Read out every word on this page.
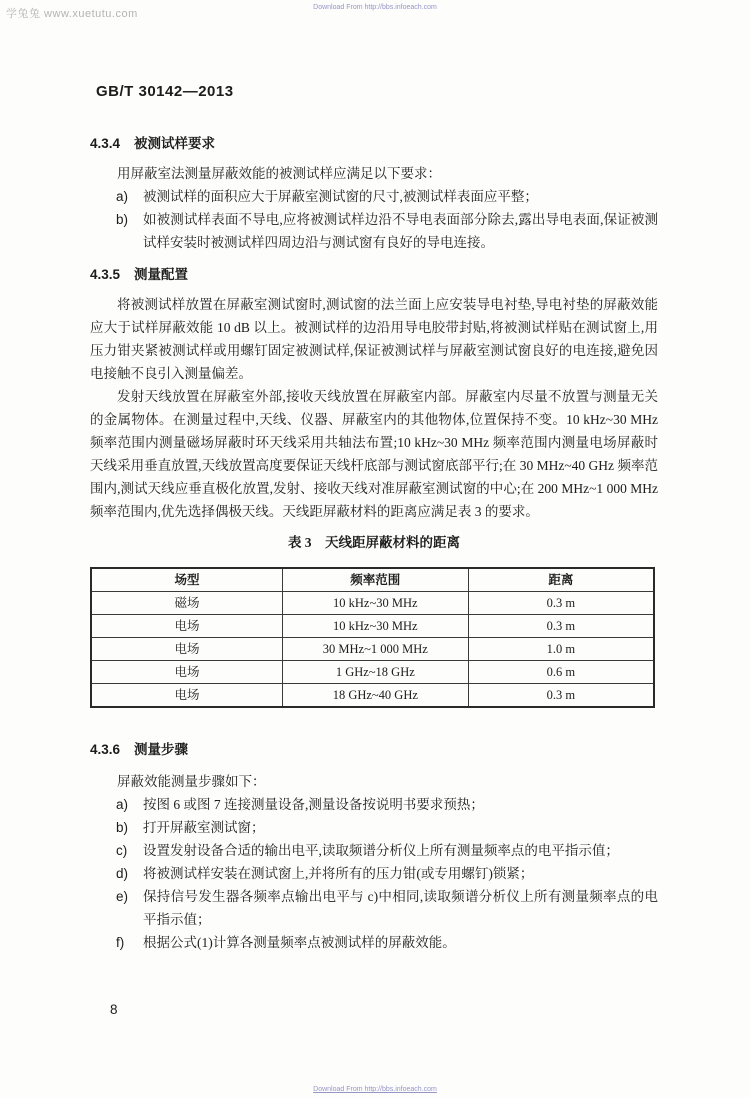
学兔兔 www.xuetutu.com
Download From http://bbs.infoeach.com
GB/T 30142—2013
4.3.4 被测试样要求
用屏蔽室法测量屏蔽效能的被测试样应满足以下要求：
a)	被测试样的面积应大于屏蔽室测试窗的尺寸,被测试样表面应平整；
b)	如被测试样表面不导电,应将被测试样边沿不导电表面部分除去,露出导电表面,保证被测试样安装时被测试样四周边沿与测试窗有良好的导电连接。
4.3.5 测量配置
将被测试样放置在屏蔽室测试窗时,测试窗的法兰面上应安装导电衬垫,导电衬垫的屏蔽效能应大于试样屏蔽效能 10 dB 以上。被测试样的边沿用导电胶带封贴,将被测试样贴在测试窗上,用压力钳夹紧被测试样或用螺钉固定被测试样,保证被测试样与屏蔽室测试窗良好的电连接,避免因电接触不良引入测量偏差。
发射天线放置在屏蔽室外部,接收天线放置在屏蔽室内部。屏蔽室内尽量不放置与测量无关的金属物体。在测量过程中,天线、仪器、屏蔽室内的其他物体,位置保持不变。10 kHz~30 MHz 频率范围内测量磁场屏蔽时环天线采用共轴法布置;10 kHz~30 MHz 频率范围内测量电场屏蔽时天线采用垂直放置,天线放置高度要保证天线杆底部与测试窗底部平行;在 30 MHz~40 GHz 频率范围内,测试天线应垂直极化放置,发射、接收天线对准屏蔽室测试窗的中心;在 200 MHz~1 000 MHz 频率范围内,优先选择偶极天线。天线距屏蔽材料的距离应满足表 3 的要求。
表 3　天线距屏蔽材料的距离
场型	频率范围	距离
磁场	10 kHz~30 MHz	0.3 m
电场	10 kHz~30 MHz	0.3 m
电场	30 MHz~1 000 MHz	1.0 m
电场	1 GHz~18 GHz	0.6 m
电场	18 GHz~40 GHz	0.3 m
4.3.6 测量步骤
屏蔽效能测量步骤如下：
a)	按图 6 或图 7 连接测量设备,测量设备按说明书要求预热；
b)	打开屏蔽室测试窗；
c)	设置发射设备合适的输出电平,读取频谱分析仪上所有测量频率点的电平指示值；
d)	将被测试样安装在测试窗上,并将所有的压力钳(或专用螺钉)锁紧；
e)	保持信号发生器各频率点输出电平与 c)中相同,读取频谱分析仪上所有测量频率点的电平指示值；
f)	根据公式(1)计算各测量频率点被测试样的屏蔽效能。
8
Download From http://bbs.infoeach.com
